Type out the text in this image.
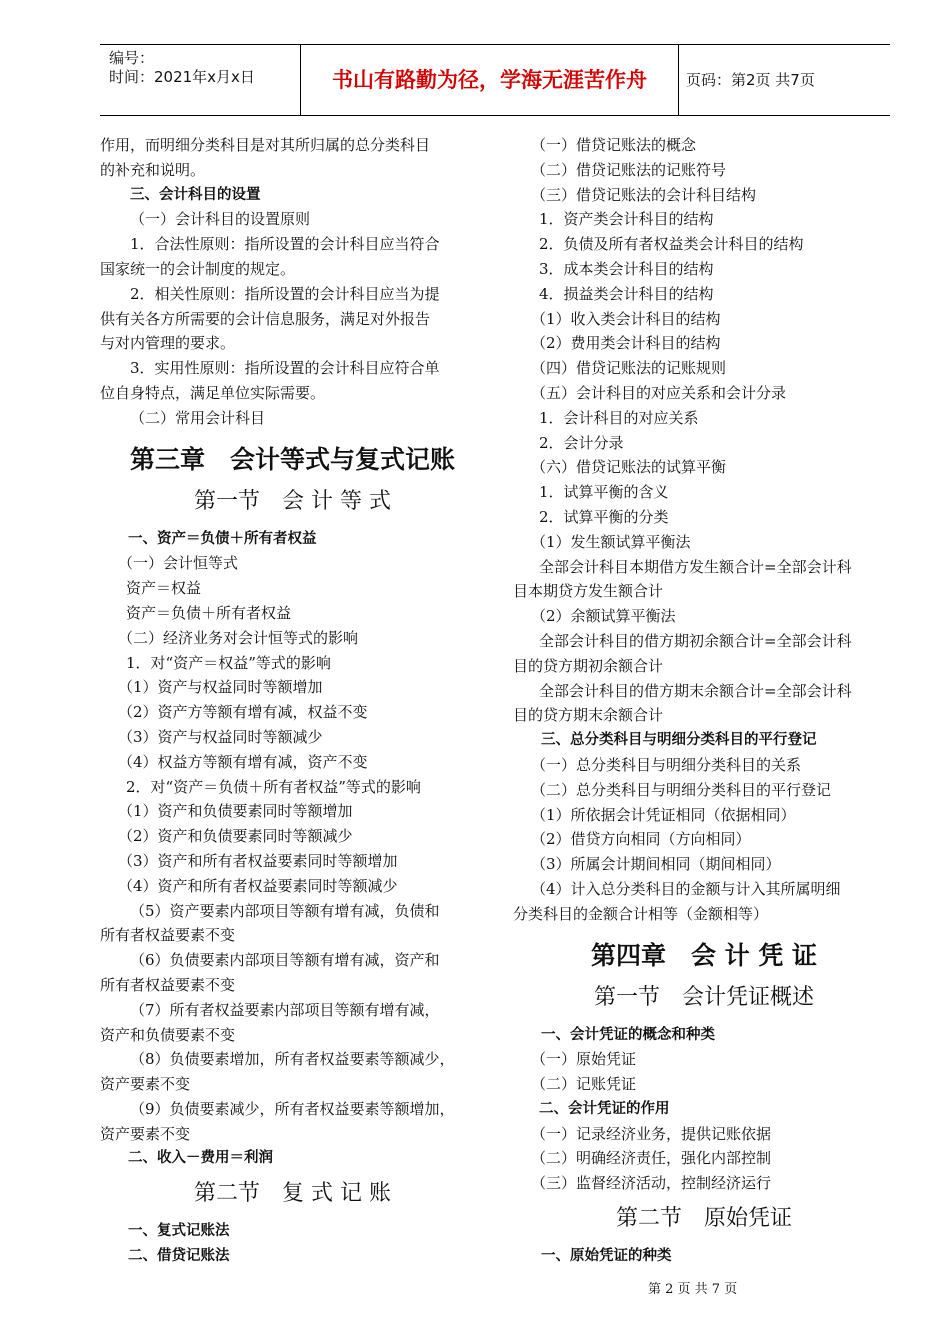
编号：
时间：2021年x月x日	书山有路勤为径，学海无涯苦作舟	页码：第2页 共7页

作用，而明细分类科目是对其所归属的总分类科目

的补充和说明。

三、会计科目的设置

（一）会计科目的设置原则

1．合法性原则：指所设置的会计科目应当符合

国家统一的会计制度的规定。

2．相关性原则：指所设置的会计科目应当为提

供有关各方所需要的会计信息服务，满足对外报告

与对内管理的要求。

3．实用性原则：指所设置的会计科目应符合单

位自身特点，满足单位实际需要。

（二）常用会计科目

第三章　会计等式与复式记账

第一节　会 计 等 式

一、资产＝负债＋所有者权益

（一）会计恒等式

资产＝权益

资产＝负债＋所有者权益

（二）经济业务对会计恒等式的影响

1．对“资产＝权益”等式的影响

（1）资产与权益同时等额增加

（2）资产方等额有增有减，权益不变

（3）资产与权益同时等额减少

（4）权益方等额有增有减，资产不变

2．对“资产＝负债＋所有者权益”等式的影响

（1）资产和负债要素同时等额增加

（2）资产和负债要素同时等额减少

（3）资产和所有者权益要素同时等额增加

（4）资产和所有者权益要素同时等额减少

（5）资产要素内部项目等额有增有减，负债和

所有者权益要素不变

（6）负债要素内部项目等额有增有减，资产和

所有者权益要素不变

（7）所有者权益要素内部项目等额有增有减，

资产和负债要素不变

（8）负债要素增加，所有者权益要素等额减少，

资产要素不变

（9）负债要素减少，所有者权益要素等额增加，

资产要素不变

二、收入－费用＝利润

第二节　复 式 记 账

一、复式记账法

二、借贷记账法

（一）借贷记账法的概念

（二）借贷记账法的记账符号

（三）借贷记账法的会计科目结构

1．资产类会计科目的结构

2．负债及所有者权益类会计科目的结构

3．成本类会计科目的结构

4．损益类会计科目的结构

（1）收入类会计科目的结构

（2）费用类会计科目的结构

（四）借贷记账法的记账规则

（五）会计科目的对应关系和会计分录

1．会计科目的对应关系

2．会计分录

（六）借贷记账法的试算平衡

1．试算平衡的含义

2．试算平衡的分类

（1）发生额试算平衡法

全部会计科目本期借方发生额合计=全部会计科

目本期贷方发生额合计

（2）余额试算平衡法

全部会计科目的借方期初余额合计=全部会计科

目的贷方期初余额合计

全部会计科目的借方期末余额合计=全部会计科

目的贷方期末余额合计

三、总分类科目与明细分类科目的平行登记

（一）总分类科目与明细分类科目的关系

（二）总分类科目与明细分类科目的平行登记

（1）所依据会计凭证相同（依据相同）

（2）借贷方向相同（方向相同）

（3）所属会计期间相同（期间相同）

（4）计入总分类科目的金额与计入其所属明细

分类科目的金额合计相等（金额相等）

第四章　会 计 凭 证

第一节　会计凭证概述

一、会计凭证的概念和种类

（一）原始凭证

（二）记账凭证

二、会计凭证的作用

（一）记录经济业务，提供记账依据

（二）明确经济责任，强化内部控制

（三）监督经济活动，控制经济运行

第二节　原始凭证

一、原始凭证的种类

第 2 页 共 7 页
